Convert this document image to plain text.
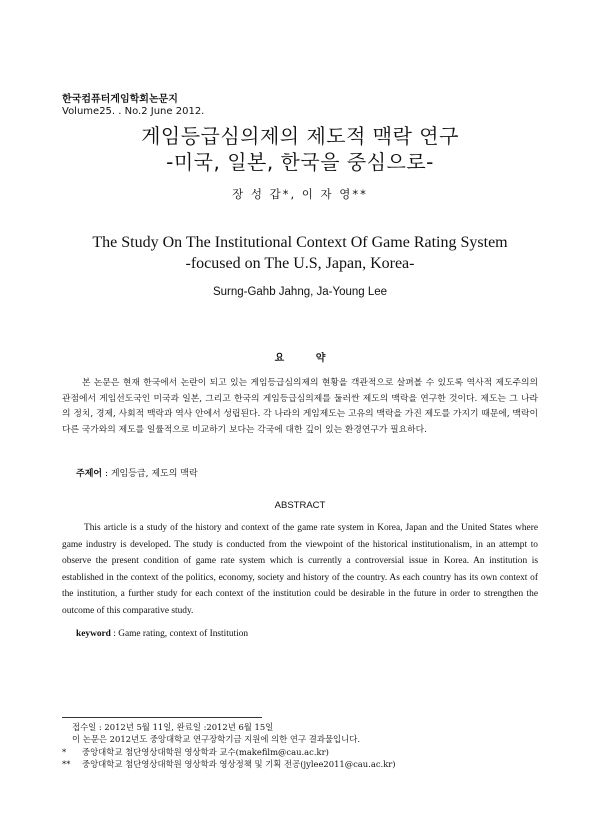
한국컴퓨터게임학회논문지
Volume25. . No.2 June 2012.
게임등급심의제의 제도적 맥락 연구
-미국, 일본, 한국을 중심으로-
장 성 갑*, 이 자 영**
The Study On The Institutional Context Of Game Rating System
-focused on The U.S, Japan, Korea-
Surng-Gahb Jahng, Ja-Young Lee
요 약

본 논문은 현재 한국에서 논란이 되고 있는 게임등급심의제의 현황을 객관적으로 살펴볼 수 있도록 역사적 제도주의의 관점에서 게임선도국인 미국과 일본, 그리고 한국의 게임등급심의제를 둘러싼 제도의 맥락을 연구한 것이다. 제도는 그 나라의 정치, 경제, 사회적 맥락과 역사 안에서 성립된다. 각 나라의 게임제도는 고유의 맥락을 가진 제도를 가지기 때문에, 맥락이 다른 국가와의 제도를 일률적으로 비교하기 보다는 각국에 대한 깊이 있는 환경연구가 필요하다.

주제어 : 게임등급, 제도의 맥락
ABSTRACT

This article is a study of the history and context of the game rate system in Korea, Japan and the United States where game industry is developed. The study is conducted from the viewpoint of the historical institutionalism, in an attempt to observe the present condition of game rate system which is currently a controversial issue in Korea. An institution is established in the context of the politics, economy, society and history of the country. As each country has its own context of the institution, a further study for each context of the institution could be desirable in the future in order to strengthen the outcome of this comparative study.

keyword : Game rating, context of Institution
접수일 : 2012년 5월 11일, 완료일 :2012년 6월 15일
이 논문은 2012년도 중앙대학교 연구장학기금 지원에 의한 연구 결과물입니다.
* 중앙대학교 첨단영상대학원 영상학과 교수(makefilm@cau.ac.kr)
** 중앙대학교 첨단영상대학원 영상학과 영상정책 및 기획 전공(jylee2011@cau.ac.kr)
